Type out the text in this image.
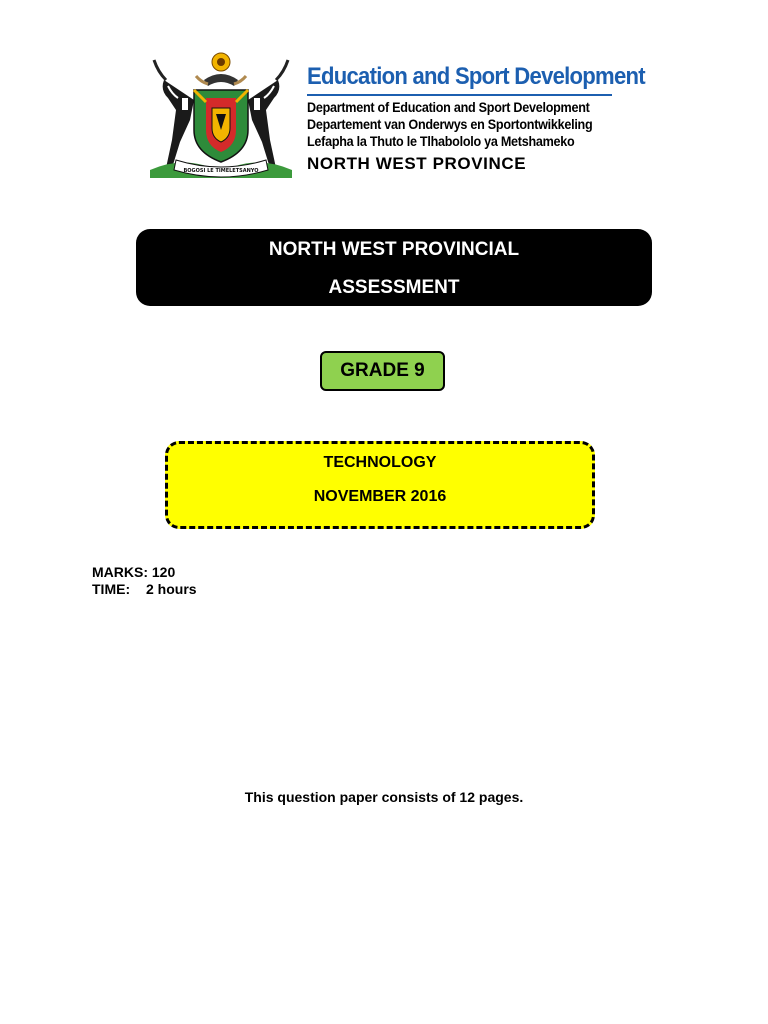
BOGOSI LE TIMELETSANYO
Education and Sport Development
Department of Education and Sport Development
Departement van Onderwys en Sportontwikkeling
Lefapha la Thuto le Tlhabololo ya Metshameko
NORTH WEST PROVINCE
NORTH WEST PROVINCIAL
ASSESSMENT
GRADE 9
TECHNOLOGY
NOVEMBER 2016
MARKS: 120
TIME: 2 hours
This question paper consists of 12 pages.
